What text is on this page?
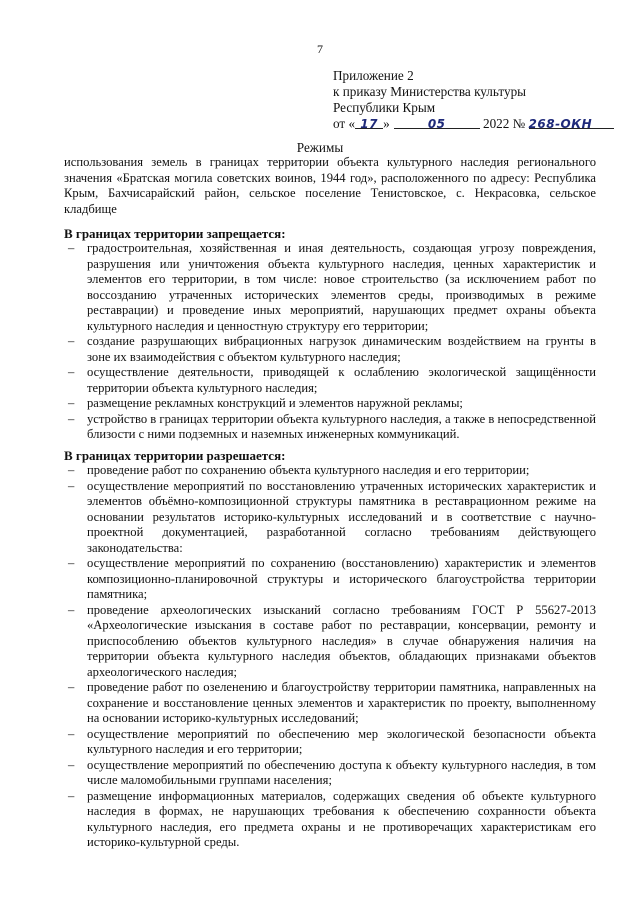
7
Приложение 2
к приказу Министерства культуры
Республики Крым
от « 17 »	05	2022 № 268-ОКН
Режимы
использования земель в границах территории объекта культурного наследия регионального значения «Братская могила советских воинов, 1944 год», расположенного по адресу: Республика Крым, Бахчисарайский район, сельское поселение Тенистовское, с. Некрасовка, сельское кладбище
В границах территории запрещается:
– градостроительная, хозяйственная и иная деятельность, создающая угрозу повреждения, разрушения или уничтожения объекта культурного наследия, ценных характеристик и элементов его территории, в том числе: новое строительство (за исключением работ по воссозданию утраченных исторических элементов среды, производимых в режиме реставрации) и проведение иных мероприятий, нарушающих предмет охраны объекта культурного наследия и ценностную структуру его территории;
– создание разрушающих вибрационных нагрузок динамическим воздействием на грунты в зоне их взаимодействия с объектом культурного наследия;
– осуществление деятельности, приводящей к ослаблению экологической защищённости территории объекта культурного наследия;
– размещение рекламных конструкций и элементов наружной рекламы;
– устройство в границах территории объекта культурного наследия, а также в непосредственной близости с ними подземных и наземных инженерных коммуникаций.
В границах территории разрешается:
– проведение работ по сохранению объекта культурного наследия и его территории;
– осуществление мероприятий по восстановлению утраченных исторических характеристик и элементов объёмно-композиционной структуры памятника в реставрационном режиме на основании результатов историко-культурных исследований и в соответствие с научно-проектной документацией, разработанной согласно требованиям действующего законодательства:
– осуществление мероприятий по сохранению (восстановлению) характеристик и элементов композиционно-планировочной структуры и исторического благоустройства территории памятника;
– проведение археологических изысканий согласно требованиям ГОСТ Р 55627-2013 «Археологические изыскания в составе работ по реставрации, консервации, ремонту и приспособлению объектов культурного наследия» в случае обнаружения наличия на территории объекта культурного наследия объектов, обладающих признаками объектов археологического наследия;
– проведение работ по озеленению и благоустройству территории памятника, направленных на сохранение и восстановление ценных элементов и характеристик по проекту, выполненному на основании историко-культурных исследований;
– осуществление мероприятий по обеспечению мер экологической безопасности объекта культурного наследия и его территории;
– осуществление мероприятий по обеспечению доступа к объекту культурного наследия, в том числе маломобильными группами населения;
– размещение информационных материалов, содержащих сведения об объекте культурного наследия в формах, не нарушающих требования к обеспечению сохранности объекта культурного наследия, его предмета охраны и не противоречащих характеристикам его историко-культурной среды.
